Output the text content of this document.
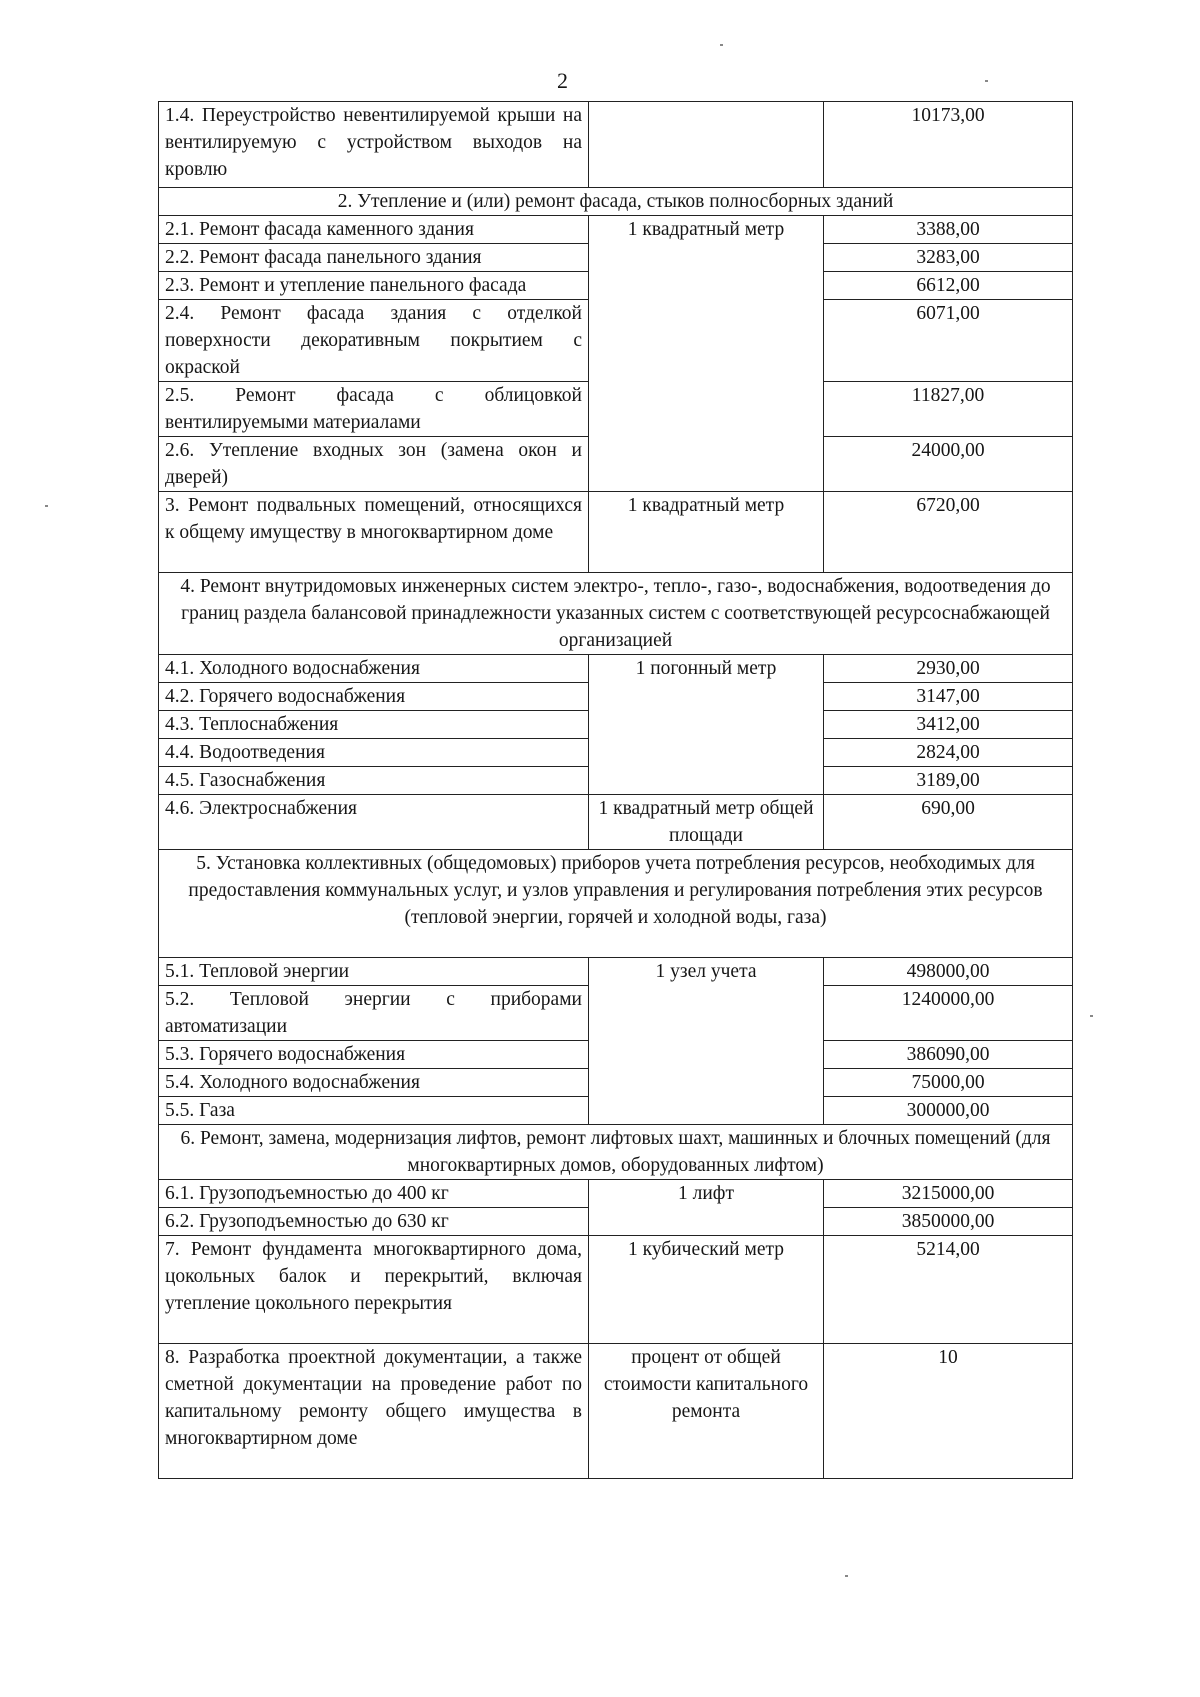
2
1.4. Переустройство невентилируемой крыши на вентилируемую с устройством выходов на кровлю		10173,00
2. Утепление и (или) ремонт фасада, стыков полносборных зданий		
2.1. Ремонт фасада каменного здания	1 квадратный метр	3388,00
2.2. Ремонт фасада панельного здания		3283,00
2.3. Ремонт и утепление панельного фасада		6612,00
2.4. Ремонт фасада здания с отделкой поверхности декоративным покрытием с окраской		6071,00
2.5. Ремонт фасада с облицовкой вентилируемыми материалами		11827,00
2.6. Утепление входных зон (замена окон и дверей)		24000,00
3. Ремонт подвальных помещений, относящихся к общему имуществу в многоквартирном доме	1 квадратный метр	6720,00
4. Ремонт внутридомовых инженерных систем электро-, тепло-, газо-, водоснабжения, водоотведения до границ раздела балансовой принадлежности указанных систем с соответствующей ресурсоснабжающей организацией		
4.1. Холодного водоснабжения	1 погонный метр	2930,00
4.2. Горячего водоснабжения		3147,00
4.3. Теплоснабжения		3412,00
4.4. Водоотведения		2824,00
4.5. Газоснабжения		3189,00
4.6. Электроснабжения	1 квадратный метр общей площади	690,00
5. Установка коллективных (общедомовых) приборов учета потребления ресурсов, необходимых для предоставления коммунальных услуг, и узлов управления и регулирования потребления этих ресурсов (тепловой энергии, горячей и холодной воды, газа)		
5.1. Тепловой энергии	1 узел учета	498000,00
5.2. Тепловой энергии с приборами автоматизации		1240000,00
5.3. Горячего водоснабжения		386090,00
5.4. Холодного водоснабжения		75000,00
5.5. Газа		300000,00
6. Ремонт, замена, модернизация лифтов, ремонт лифтовых шахт, машинных и блочных помещений (для многоквартирных домов, оборудованных лифтом)		
6.1. Грузоподъемностью до 400 кг	1 лифт	3215000,00
6.2. Грузоподъемностью до 630 кг		3850000,00
7. Ремонт фундамента многоквартирного дома, цокольных балок и перекрытий, включая утепление цокольного перекрытия	1 кубический метр	5214,00
8. Разработка проектной документации, а также сметной документации на проведение работ по капитальному ремонту общего имущества в многоквартирном доме	процент от общей стоимости капитального ремонта	10
